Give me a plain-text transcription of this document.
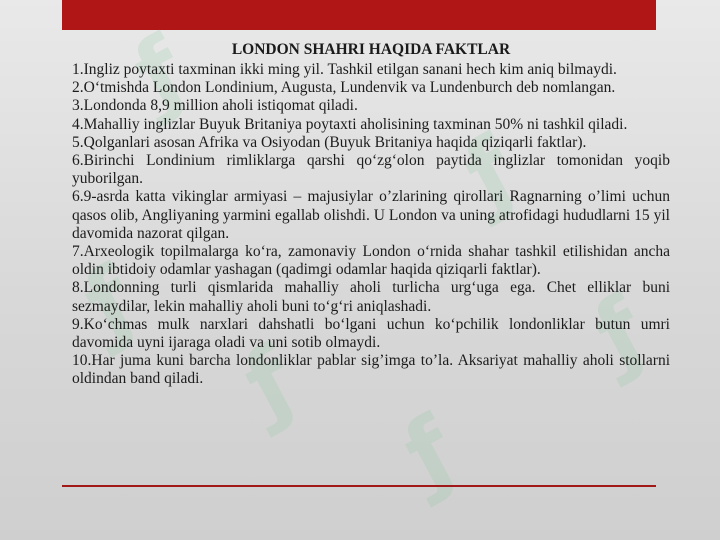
ƒ
ƒ
ƒ
ƒ
ƒ
ƒ	LONDON SHAHRI HAQIDA FAKTLAR

1.Ingliz poytaxti taxminan ikki ming yil. Tashkil etilgan sanani hech kim aniq bilmaydi.

2.O‘tmishda London Londinium, Augusta, Lundenvik va Lundenburch deb nomlangan.

3.Londonda 8,9 million aholi istiqomat qiladi.

4.Mahalliy inglizlar Buyuk Britaniya poytaxti aholisining taxminan 50% ni tashkil qiladi.

5.Qolganlari asosan Afrika va Osiyodan (Buyuk Britaniya haqida qiziqarli faktlar).

6.Birinchi Londinium rimliklarga qarshi qo‘zg‘olon paytida inglizlar tomonidan yoqib yuborilgan.

6.9-asrda katta vikinglar armiyasi – majusiylar o’zlarining qirollari Ragnarning o’limi uchun qasos olib, Angliyaning yarmini egallab olishdi. U London va uning atrofidagi hududlarni 15 yil davomida nazorat qilgan.

7.Arxeologik topilmalarga ko‘ra, zamonaviy London o‘rnida shahar tashkil etilishidan ancha oldin ibtidoiy odamlar yashagan (qadimgi odamlar haqida qiziqarli faktlar).

8.Londonning turli qismlarida mahalliy aholi turlicha urg‘uga ega. Chet elliklar buni sezmaydilar, lekin mahalliy aholi buni to‘g‘ri aniqlashadi.

9.Ko‘chmas mulk narxlari dahshatli bo‘lgani uchun ko‘pchilik londonliklar butun umri davomida uyni ijaraga oladi va uni sotib olmaydi.

10.Har juma kuni barcha londonliklar pablar sig’imga to’la. Aksariyat mahalliy aholi stollarni oldindan band qiladi.
